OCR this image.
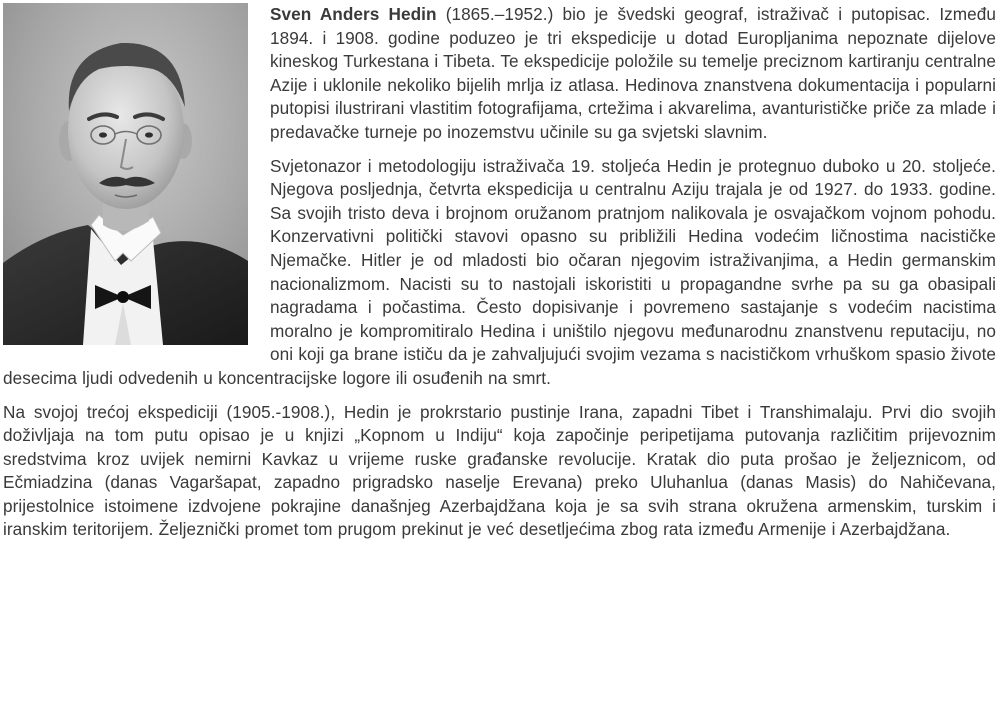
Sven Anders Hedin (1865.–1952.) bio je švedski geograf, istraživač i putopisac. Između 1894. i 1908. godine poduzeo je tri ekspedicije u dotad Europljanima nepoznate dijelove kineskog Turkestana i Tibeta. Te ekspedicije položile su temelje preciznom kartiranju centralne Azije i uklonile nekoliko bijelih mrlja iz atlasa. Hedinova znanstvena dokumentacija i popularni putopisi ilustrirani vlastitim fotografijama, crtežima i akvarelima, avanturističke priče za mlade i predavačke turneje po inozemstvu učinile su ga svjetski slavnim.

Svjetonazor i metodologiju istraživača 19. stoljeća Hedin je protegnuo duboko u 20. stoljeće. Njegova posljednja, četvrta ekspedicija u centralnu Aziju trajala je od 1927. do 1933. godine. Sa svojih tristo deva i brojnom oružanom pratnjom nalikovala je osvajačkom vojnom pohodu. Konzervativni politički stavovi opasno su približili Hedina vodećim ličnostima nacističke Njemačke. Hitler je od mladosti bio očaran njegovim istraživanjima, a Hedin germanskim nacionalizmom. Nacisti su to nastojali iskoristiti u propagandne svrhe pa su ga obasipali nagradama i počastima. Često dopisivanje i povremeno sastajanje s vodećim nacistima moralno je kompromitiralo Hedina i uništilo njegovu međunarodnu znanstvenu reputaciju, no oni koji ga brane ističu da je zahvaljujući svojim vezama s nacističkom vrhuškom spasio živote desecima ljudi odvedenih u koncentracijske logore ili osuđenih na smrt.

Na svojoj trećoj ekspediciji (1905.-1908.), Hedin je prokrstario pustinje Irana, zapadni Tibet i Transhimalaju. Prvi dio svojih doživljaja na tom putu opisao je u knjizi „Kopnom u Indiju“ koja započinje peripetijama putovanja različitim prijevoznim sredstvima kroz uvijek nemirni Kavkaz u vrijeme ruske građanske revolucije. Kratak dio puta prošao je željeznicom, od Ečmiadzina (danas Vagaršapat, zapadno prigradsko naselje Erevana) preko Uluhanlua (danas Masis) do Nahičevana, prijestolnice istoimene izdvojene pokrajine današnjeg Azerbajdžana koja je sa svih strana okružena armenskim, turskim i iranskim teritorijem. Željeznički promet tom prugom prekinut je već desetljećima zbog rata između Armenije i Azerbajdžana.
